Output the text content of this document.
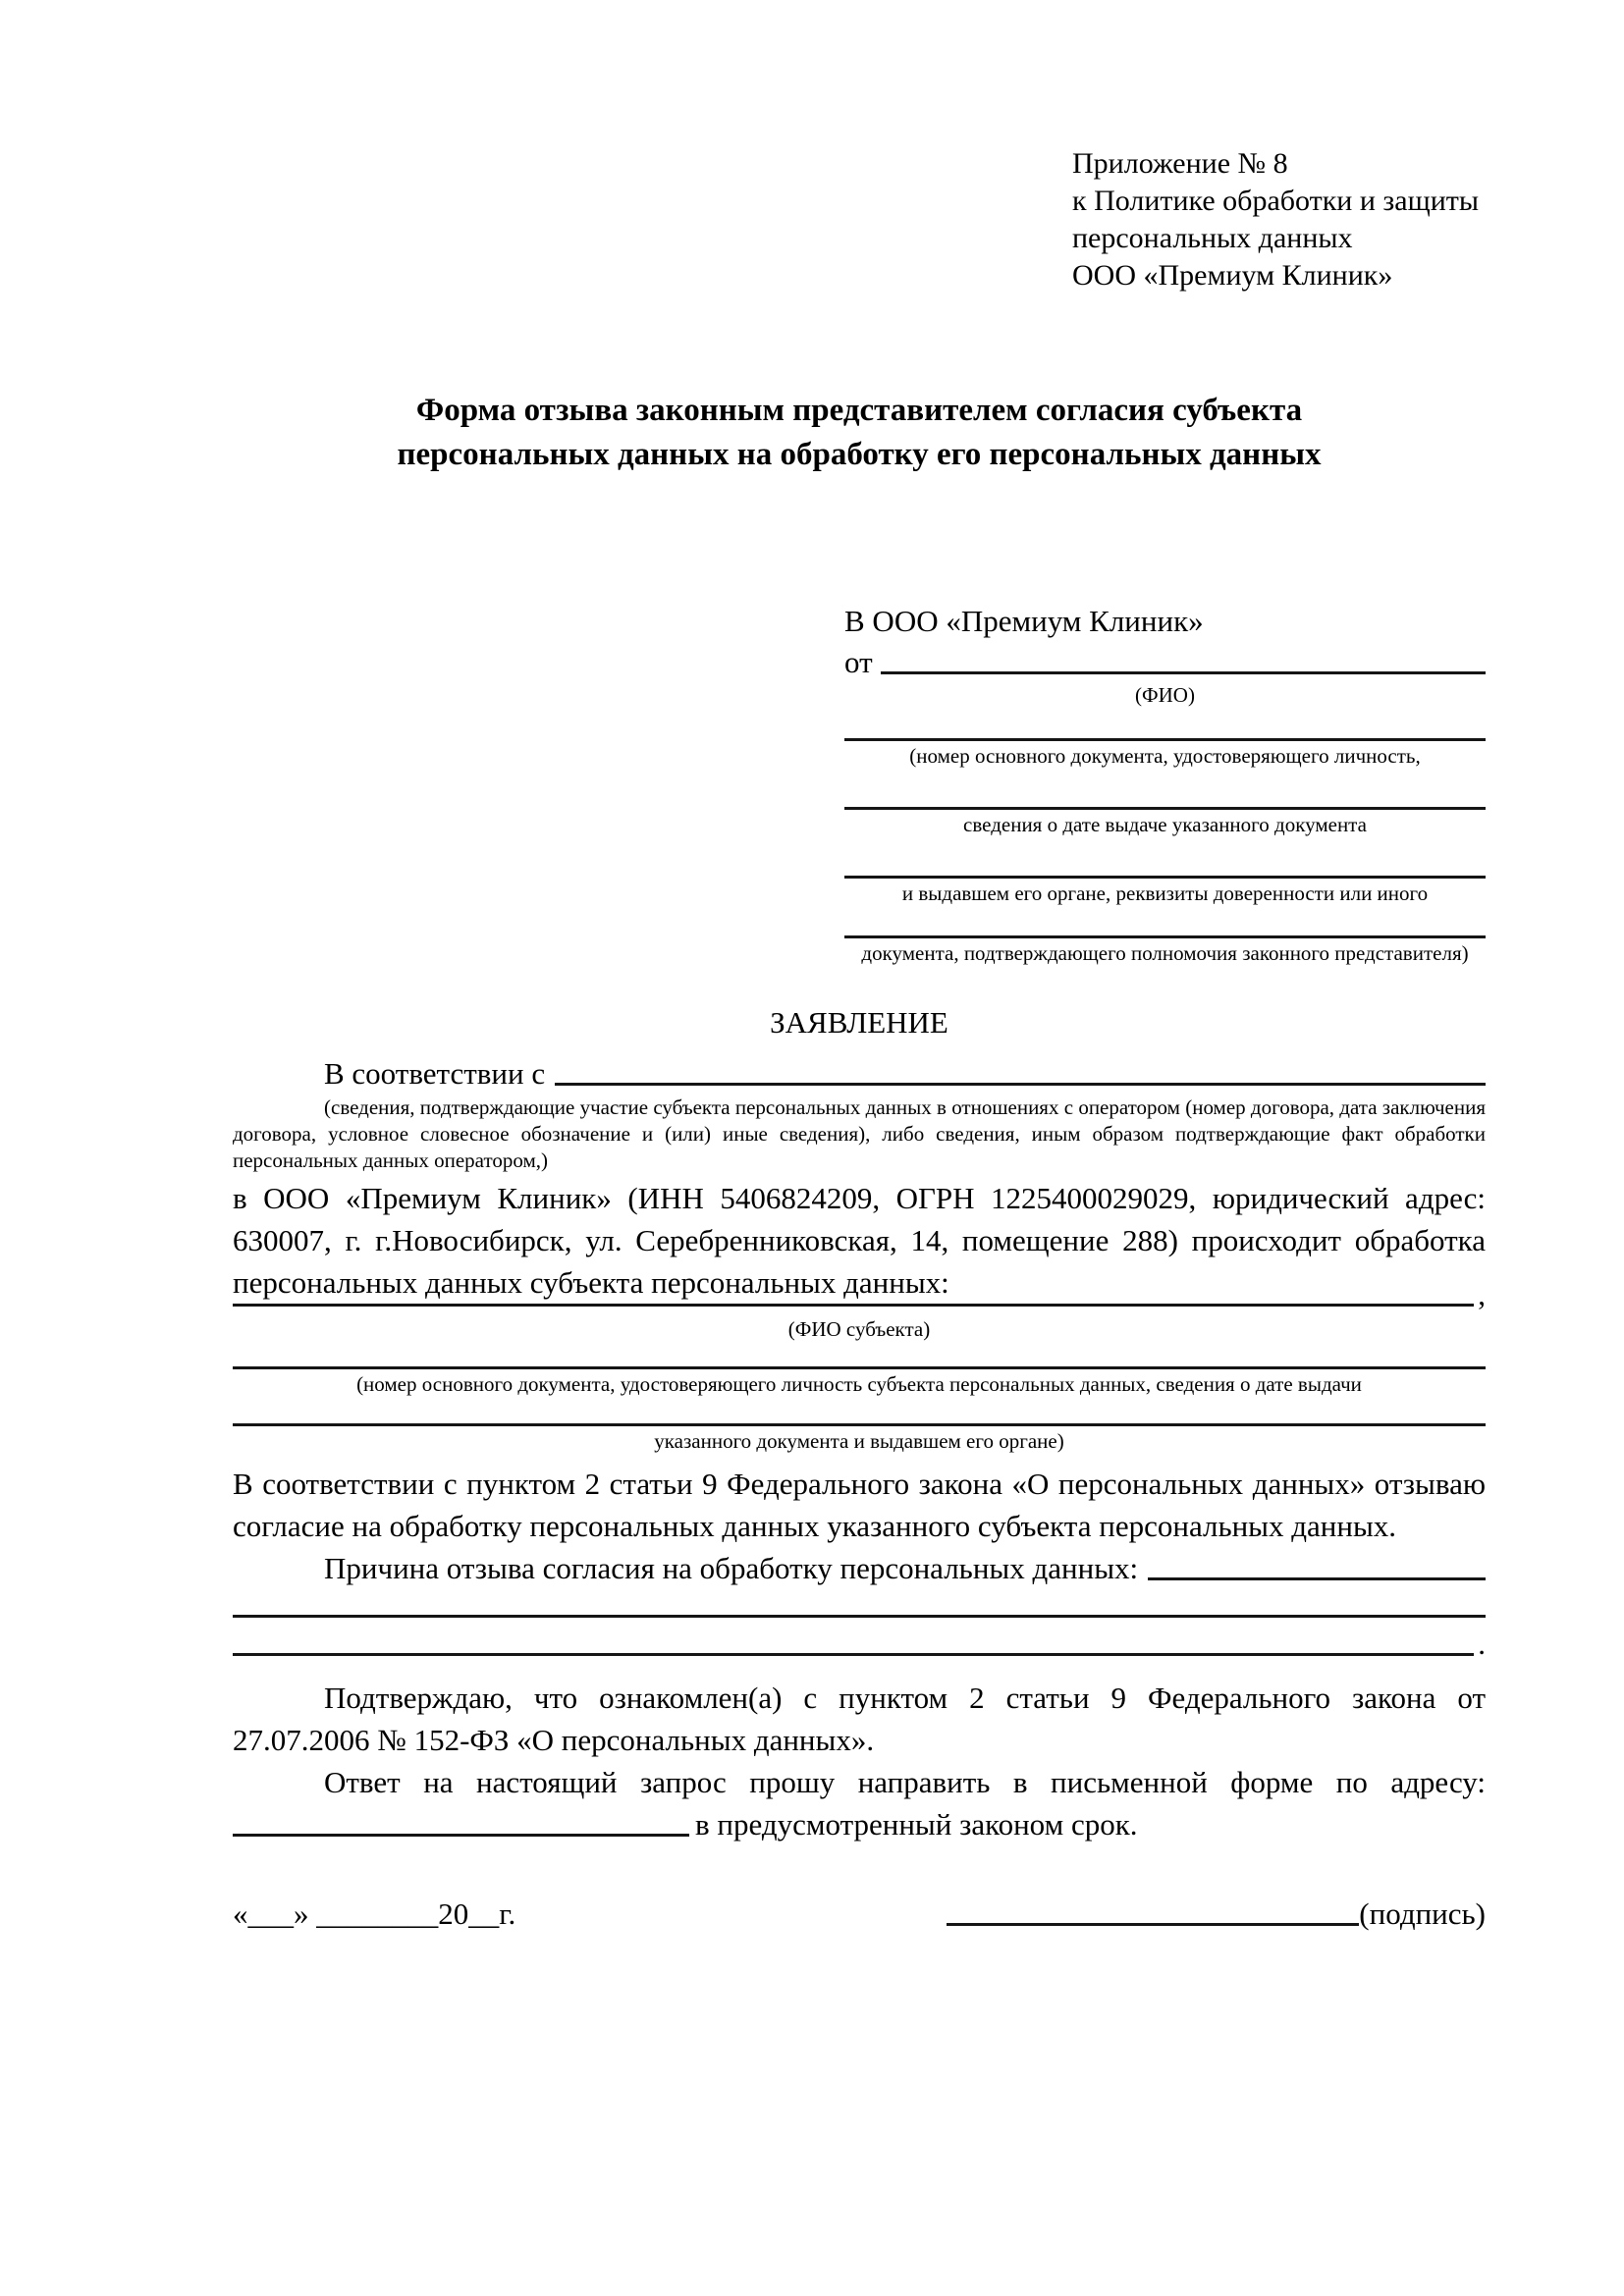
Приложение № 8
к Политике обработки и защиты
персональных данных
ООО «Премиум Клиник»
Форма отзыва законным представителем согласия субъекта
персональных данных на обработку его персональных данных
В ООО «Премиум Клиник»
от
(ФИО)
(номер основного документа, удостоверяющего личность,
сведения о дате выдаче указанного документа
и выдавшем его органе, реквизиты доверенности или иного
документа, подтверждающего полномочия законного представителя)
ЗАЯВЛЕНИЕ
В соответствии с

(сведения, подтверждающие участие субъекта персональных данных в отношениях с оператором (номер договора, дата заключения договора, условное словесное обозначение и (или) иные сведения), либо сведения, иным образом подтверждающие факт обработки персональных данных оператором,)

в ООО «Премиум Клиник» (ИНН 5406824209, ОГРН 1225400029029, юридический адрес: 630007, г. г.Новосибирск, ул. Серебренниковская, 14, помещение 288) происходит обработка персональных данных субъекта персональных данных:	,
(ФИО субъекта)
(номер основного документа, удостоверяющего личность субъекта персональных данных, сведения о дате выдачи
указанного документа и выдавшем его органе)

В соответствии с пунктом 2 статьи 9 Федерального закона «О персональных данных» отзываю согласие на обработку персональных данных указанного субъекта персональных данных.

Причина отзыва согласия на обработку персональных данных:
.

Подтверждаю, что ознакомлен(а) с пунктом 2 статьи 9 Федерального закона от 27.07.2006 № 152-ФЗ «О персональных данных».

Ответ на настоящий запрос прошу направить в письменной форме по адресу:

в предусмотренный законом срок.
«___» ________20__г.	(подпись)
